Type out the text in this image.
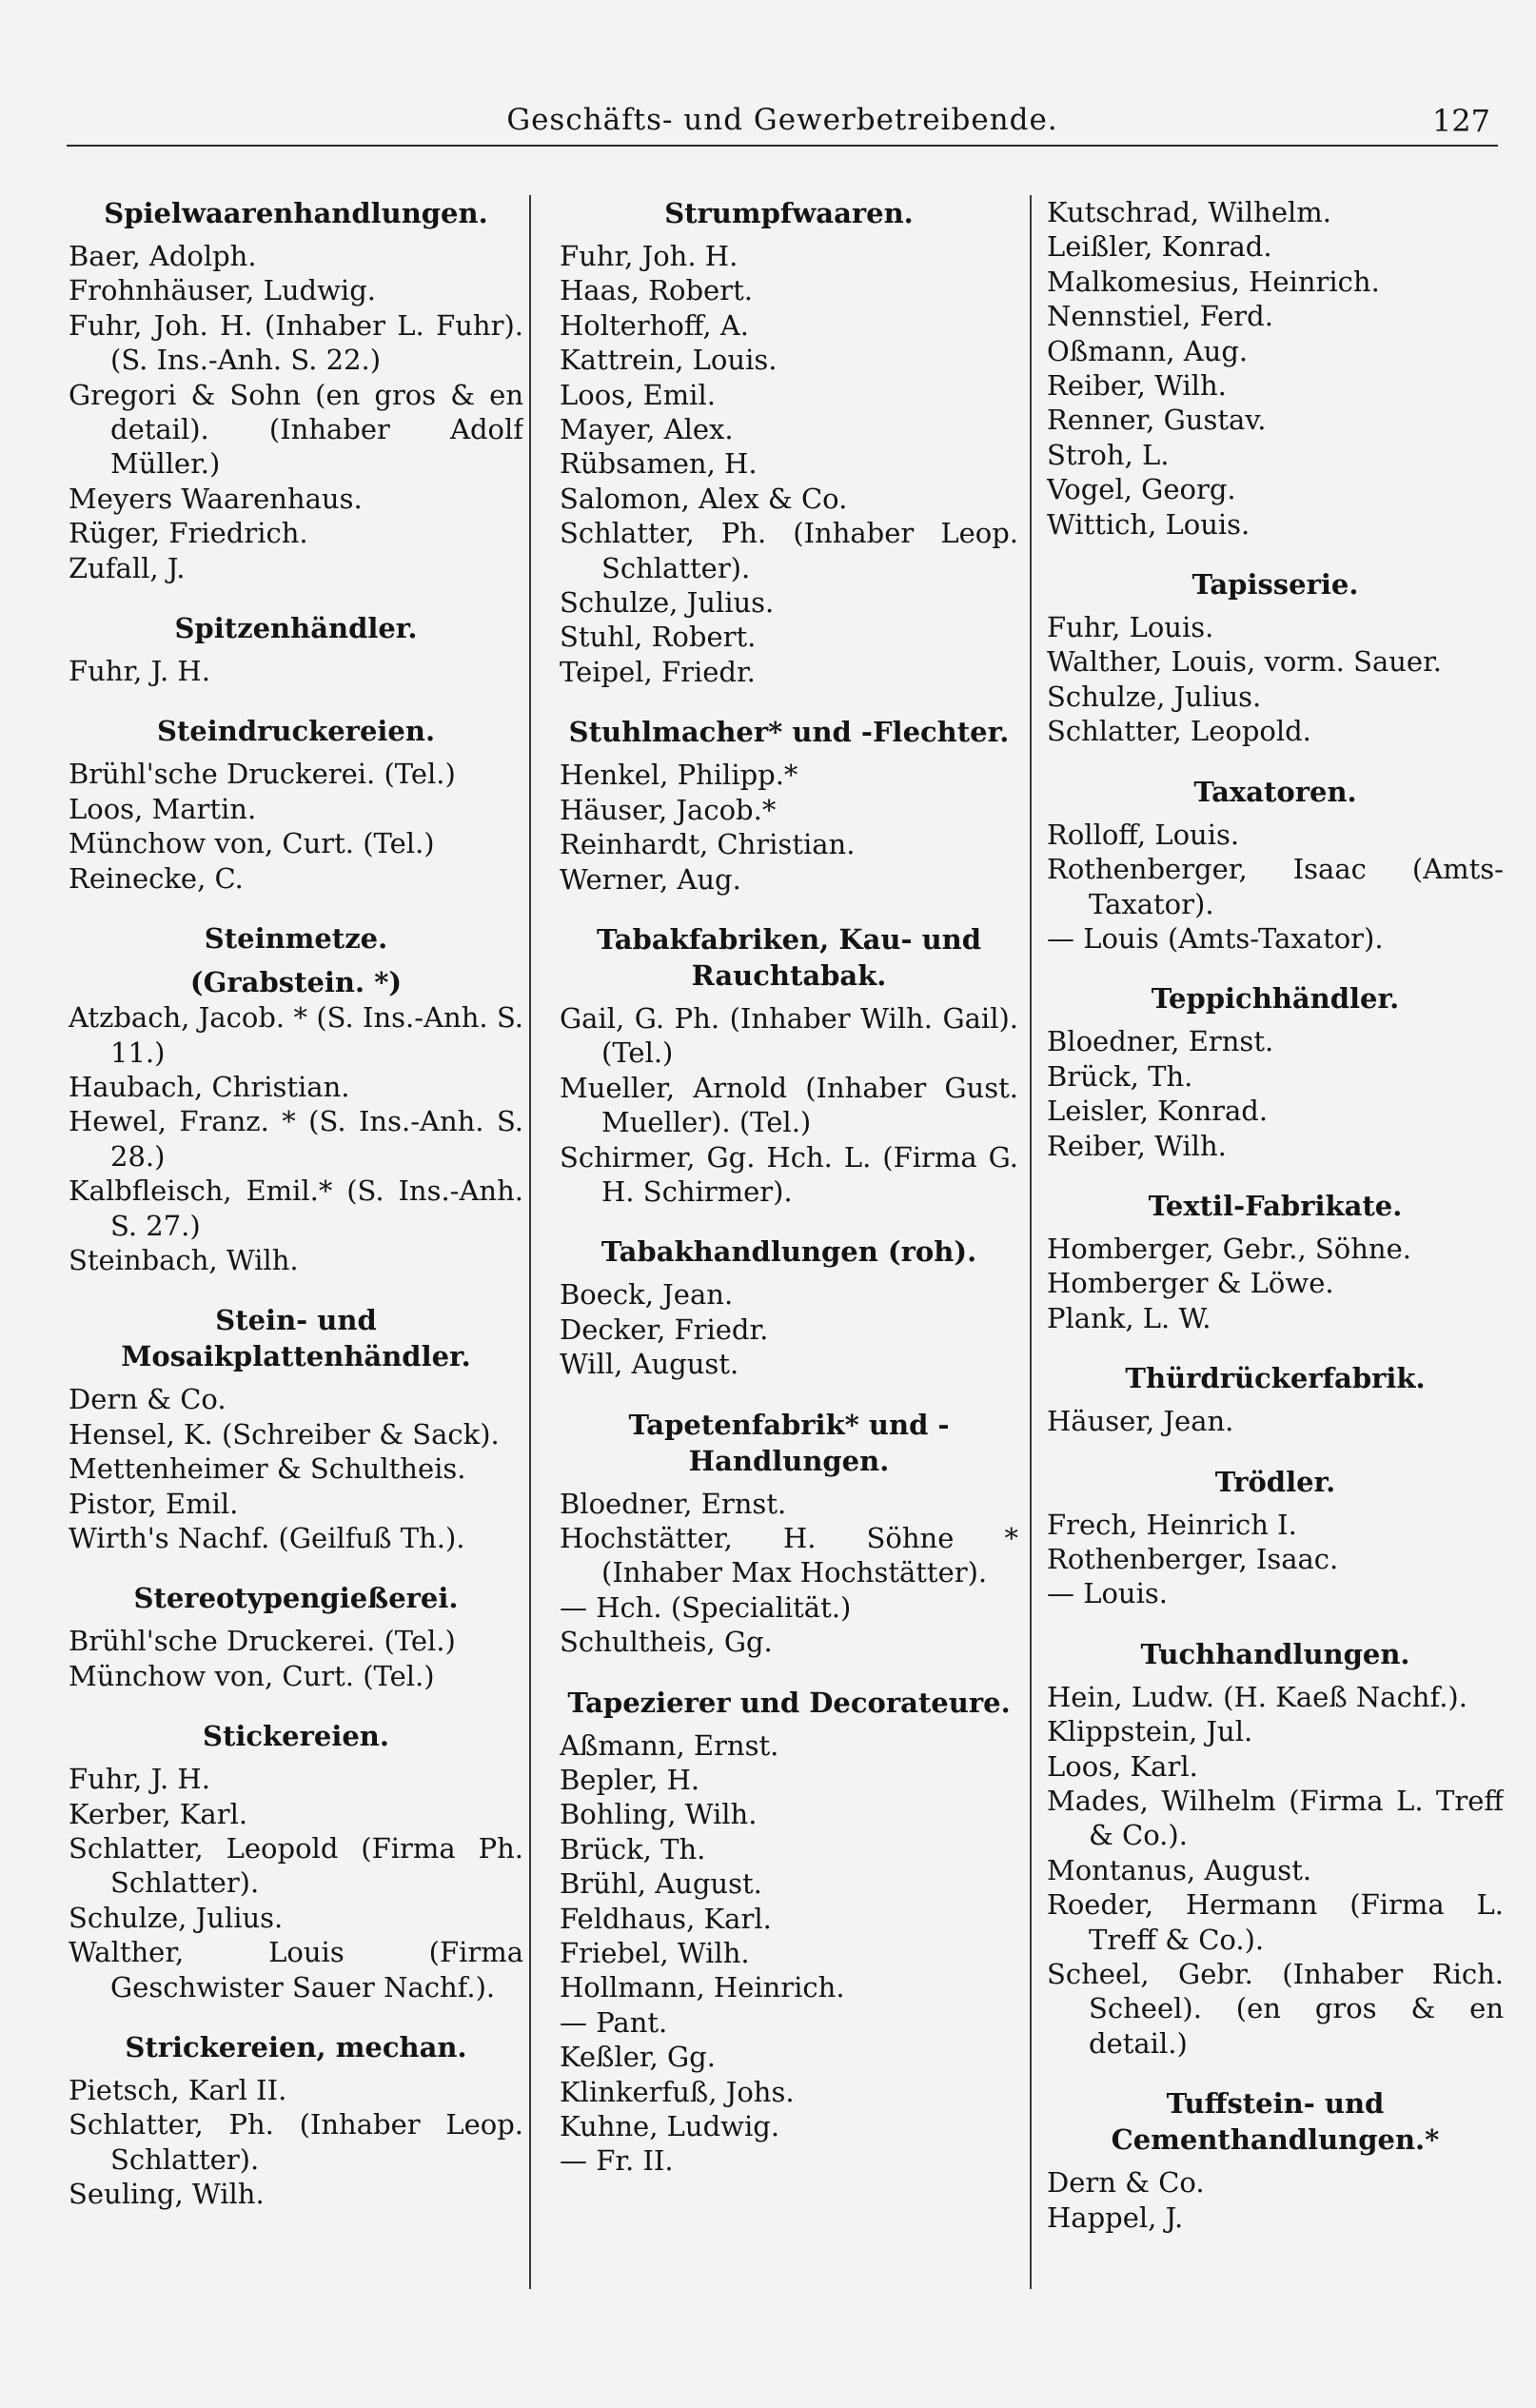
Geschäfts- und Gewerbetreibende.	127
Spielwaarenhandlungen.
Baer, Adolph.
Frohnhäuser, Ludwig.
Fuhr, Joh. H. (Inhaber L. Fuhr). (S. Ins.-Anh. S. 22.)
Gregori & Sohn (en gros & en detail). (Inhaber Adolf Müller.)
Meyers Waarenhaus.
Rüger, Friedrich.
Zufall, J.
Spitzenhändler.
Fuhr, J. H.
Steindruckereien.
Brühl'sche Druckerei. (Tel.)
Loos, Martin.
Münchow von, Curt. (Tel.)
Reinecke, C.
Steinmetze.
(Grabstein. *)
Atzbach, Jacob. * (S. Ins.-Anh. S. 11.)
Haubach, Christian.
Hewel, Franz. * (S. Ins.-Anh. S. 28.)
Kalbfleisch, Emil.* (S. Ins.-Anh. S. 27.)
Steinbach, Wilh.
Stein- und Mosaikplattenhändler.
Dern & Co.
Hensel, K. (Schreiber & Sack).
Mettenheimer & Schultheis.
Pistor, Emil.
Wirth's Nachf. (Geilfuß Th.).
Stereotypengießerei.
Brühl'sche Druckerei. (Tel.)
Münchow von, Curt. (Tel.)
Stickereien.
Fuhr, J. H.
Kerber, Karl.
Schlatter, Leopold (Firma Ph. Schlatter).
Schulze, Julius.
Walther, Louis (Firma Geschwister Sauer Nachf.).
Strickereien, mechan.
Pietsch, Karl II.
Schlatter, Ph. (Inhaber Leop. Schlatter).
Seuling, Wilh.
Strumpfwaaren.
Fuhr, Joh. H.
Haas, Robert.
Holterhoff, A.
Kattrein, Louis.
Loos, Emil.
Mayer, Alex.
Rübsamen, H.
Salomon, Alex & Co.
Schlatter, Ph. (Inhaber Leop. Schlatter).
Schulze, Julius.
Stuhl, Robert.
Teipel, Friedr.
Stuhlmacher* und -Flechter.
Henkel, Philipp.*
Häuser, Jacob.*
Reinhardt, Christian.
Werner, Aug.
Tabakfabriken, Kau- und Rauchtabak.
Gail, G. Ph. (Inhaber Wilh. Gail). (Tel.)
Mueller, Arnold (Inhaber Gust. Mueller). (Tel.)
Schirmer, Gg. Hch. L. (Firma G. H. Schirmer).
Tabakhandlungen (roh).
Boeck, Jean.
Decker, Friedr.
Will, August.
Tapetenfabrik* und -Handlungen.
Bloedner, Ernst.
Hochstätter, H. Söhne * (Inhaber Max Hochstätter).
— Hch. (Specialität.)
Schultheis, Gg.
Tapezierer und Decorateure.
Aßmann, Ernst.
Bepler, H.
Bohling, Wilh.
Brück, Th.
Brühl, August.
Feldhaus, Karl.
Friebel, Wilh.
Hollmann, Heinrich.
— Pant.
Keßler, Gg.
Klinkerfuß, Johs.
Kuhne, Ludwig.
— Fr. II.
Kutschrad, Wilhelm.
Leißler, Konrad.
Malkomesius, Heinrich.
Nennstiel, Ferd.
Oßmann, Aug.
Reiber, Wilh.
Renner, Gustav.
Stroh, L.
Vogel, Georg.
Wittich, Louis.
Tapisserie.
Fuhr, Louis.
Walther, Louis, vorm. Sauer.
Schulze, Julius.
Schlatter, Leopold.
Taxatoren.
Rolloff, Louis.
Rothenberger, Isaac (Amts-Taxator).
— Louis (Amts-Taxator).
Teppichhändler.
Bloedner, Ernst.
Brück, Th.
Leisler, Konrad.
Reiber, Wilh.
Textil-Fabrikate.
Homberger, Gebr., Söhne.
Homberger & Löwe.
Plank, L. W.
Thürdrückerfabrik.
Häuser, Jean.
Trödler.
Frech, Heinrich I.
Rothenberger, Isaac.
— Louis.
Tuchhandlungen.
Hein, Ludw. (H. Kaeß Nachf.).
Klippstein, Jul.
Loos, Karl.
Mades, Wilhelm (Firma L. Treff & Co.).
Montanus, August.
Roeder, Hermann (Firma L. Treff & Co.).
Scheel, Gebr. (Inhaber Rich. Scheel). (en gros & en detail.)
Tuffstein- und Cementhandlungen.*
Dern & Co.
Happel, J.
